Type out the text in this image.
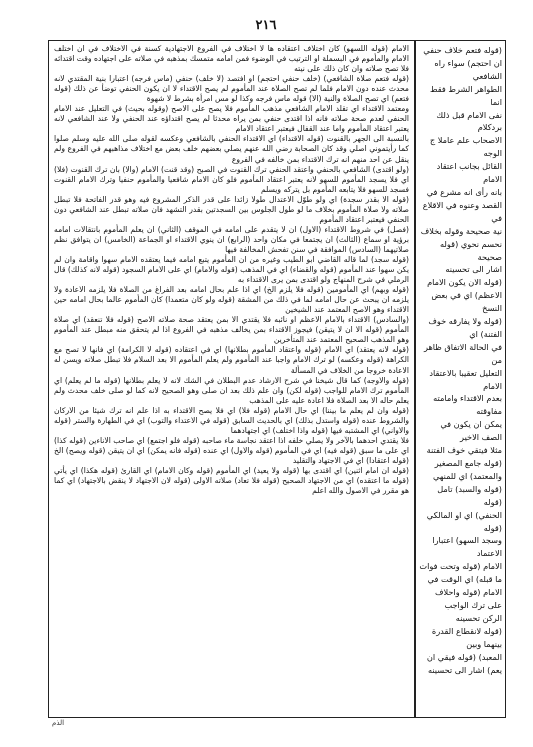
٢١٦

(قوله فتعم خلاف حنفي

ان احتجم) سواء راه الشافعي

الطواهر الشرط فقط انما

نفى الامام قبل ذلك بردكلام

الاصحاب علم عاملا ج الوجه

القائل بجانب اعتقاد الامام

بانه رأى انه مشرع في

القصد وعنوه في الاقلاع في

نية صحيحة وقوله بخلاف

نحسم نحوي (قوله صحيحة

اشار الى تحسينه

(قوله الان يكون الامام

الاعظم) اي في بعض النسخ

(قوله ولا يفارقه خوف الفتنة) اي

في الحالة الاتفاق ظاهر من

التعليل تعقيبا بالاعتقاد الامام

بعدم الاقتداء وامامته مفاوقته

يمكن ان يكون في الصف الاخير

مثلا فيتقي خوف الفتنة

(قوله جامع المصغير

والمعتمد) اي للمنهي

(قوله والسبد) تامل (قوله

الحنفي) اي او المالكي (قوله

وسجد السهو) اعتبارا الاعتماد

الامام (قوله وتحت فوات

ما قبله) اي الوقت في

الامام (قوله واحلاف

على ترك الواجب

الركن تحسينه

(قوله لانقطاع القدرة بينهما وبين

المعبد) (قوله فيقي ان

يعم) اشار الى تحسينه

الامام (قوله اللسهو) كان اختلاف اعتقاده ها لا اختلاف في الفروع الاجتهادية كسنة في الاختلاف في ان اختلف الامام والمأموم في البسملة او الترتيب في الوضوء فمن امامه متمسك بمذهبه في صلاته على اجتهاده وقت اقتدائه فلا تصح صلاته وان كان ذلك على نيته

(قوله فتعم صلاة الشافعي) (خلف حنفي احتجم) او افتصد (لا خلف) حنفي (ماس فرجه) اعتبارا بنية المقتدي لانه محدث عنده دون الامام فلما لم تصح الصلاة عند المأموم لم يصح الاقتداء لا ان يكون الحنفي توضأ عن ذلك (قوله فتعم) اي تصح الصلاة والنية (الا) قوله ماس فرجه وكذا لو مس امرأة بشرط لا شهوة

ومعتمد الاقتداء اي تقلد الامام الشافعي مذهب المأموم فلا يصح على الاصح (وقوله بحيث) في التعليل عند الامام الحنفي لعدم صحة صلاته فانه اذا اقتدى حنفي بمن يراه محدثا لم يصح اقتداؤه عند الحنفي ولا عند الشافعي لانه يعتبر اعتقاد المأموم واما عند القفال فيعتبر اعتقاد الامام

بالنسبة الى الجهر بالقنوت (قوله الاقتداء) اي الاقتداء الحنفي بالشافعي وعكسه لقوله صلى الله عليه وسلم صلوا كما رأيتموني اصلي وقد كان الصحابة رضي الله عنهم يصلي بعضهم خلف بعض مع اختلاف مذاهبهم في الفروع ولم ينقل عن احد منهم انه ترك الاقتداء بمن خالفه في الفروع

(ولو اقتدى) الشافعي بالحنفي واعتقد الحنفي ترك القنوت في الصبح (وقد قنت) الامام (والا) بان ترك القنوت (فلا) اي فلا يسجد المأموم للسهو لانه يعتبر اعتقاد المأموم فلو كان الامام شافعيا والمأموم حنفيا وترك الامام القنوت فسجد للسهو فلا يتابعه المأموم بل يتركه ويسلم

(قوله الا بقدر سجدة) اي ولو طوّل الاعتدال طولا زائدا على قدر الذكر المشروع فيه وهو قدر الفاتحة فلا تبطل صلاته ولا صلاة المأموم بخلاف ما لو طول الجلوس بين السجدتين بقدر التشهد فان صلاته تبطل عند الشافعي دون الحنفي فيعتبر اعتقاد المأموم

(فصل) في شروط الاقتداء (الاول) ان لا يتقدم على امامه في الموقف (الثاني) ان يعلم المأموم بانتقالات امامه برؤية او سماع (الثالث) ان يجتمعا في مكان واحد (الرابع) ان ينوي الاقتداء او الجماعة (الخامس) ان يتوافق نظم صلاتيهما (السادس) الموافقة في سنن تفحش المخالفة فيها

(قوله سجد) لما قاله القاضي ابو الطيب وغيره من ان المأموم يتبع امامه فيما يعتقده الامام سهوا واقامة وان لم يكن سهوا عند المأموم (قوله والقضاء) اي في المذهب (قوله والامام) اي على الامام السجود (قوله لانه كذلك) قال الرملي في شرح المنهاج ولو اقتدى بمن يرى الاقتداء به

(قوله وبهم) اي المأمومين (قوله فلا يلزم الخ) اي اذا علم بحال امامه بعد الفراغ من الصلاة فلا يلزمه الاعادة ولا يلزمه ان يبحث عن حال امامه لما في ذلك من المشقة (قوله ولو كان متعمدا) كان المأموم عالما بحال امامه حين الاقتداء وهو الاصح المعتمد عند الشيخين

(والسادس) الاقتداء بالامام الاعظم او نائبه فلا يقتدي الا بمن يعتقد صحة صلاته الاصح (قوله فلا تنعقد) اي صلاة المأموم (قوله الا ان لا يتيقن) فيجوز الاقتداء بمن يخالف مذهبه في الفروع اذا لم يتحقق منه مبطل عند المأموم وهو المذهب الصحيح المعتمد عند المتأخرين

(قوله لانه يعتقد) اي الامام (قوله واعتقاد المأموم بطلانها) اي في اعتقاده (قوله لا الكرامة) اي فانها لا تصح مع الكراهة (قوله وعكسه) لو ترك الامام واجبا عند المأموم ولم يعلم المأموم الا بعد السلام فلا تبطل صلاته ويسن له الاعادة خروجا من الخلاف في المسألة

(قوله والاوجه) كما قال شيخنا في شرح الارشاد عدم البطلان في الشك لانه لا يعلم بطلانها (قوله ما لم يعلم) اي المأموم ترك الامام للواجب (قوله لكن) وان علم ذلك بعد ان صلى وهو الصحيح لانه كما لو صلى خلف محدث ولم يعلم حاله الا بعد الصلاة فلا اعادة عليه على المذهب

(قوله وان لم يعلم ما بيننا) اي حال الامام (قوله فلا) اي فلا يصح الاقتداء به اذا علم انه ترك شيئا من الاركان والشروط عنده (قوله واستدل بذلك) اي بالحديث السابق (قوله في الاعتداء والتوب) اي في الطهارة والستر (قوله والاواني) اي المشتبه فيها (قوله واذا اختلف) اي اجتهادهما

فلا يقتدي احدهما بالآخر ولا يصلي خلفه اذا اعتقد نجاسة ماء صاحبه (قوله فلو اجتمع) اي صاحب الاناءين (قوله كذا) اي على ما سبق (قوله فيه) اي في المأموم (قوله والاول) اي عنده (قوله فانه يمكن) اي ان يتيقن (قوله ويصح) الخ (قوله اعتقادا) اي في الاجتهاد والتقليد

(قوله ان امام اثنين) اي اقتدى بها (قوله ولا يعيد) اي المأموم (قوله وكان الامام) اي القارئ (قوله هكذا) اي يأتي (قوله ما اعتقده) اي من الاجتهاد الصحيح (قوله فلا تعاد) صلاته الاولى (قوله لان الاجتهاد لا ينقض بالاجتهاد) اي كما هو مقرر في الاصول والله اعلم

الذم
